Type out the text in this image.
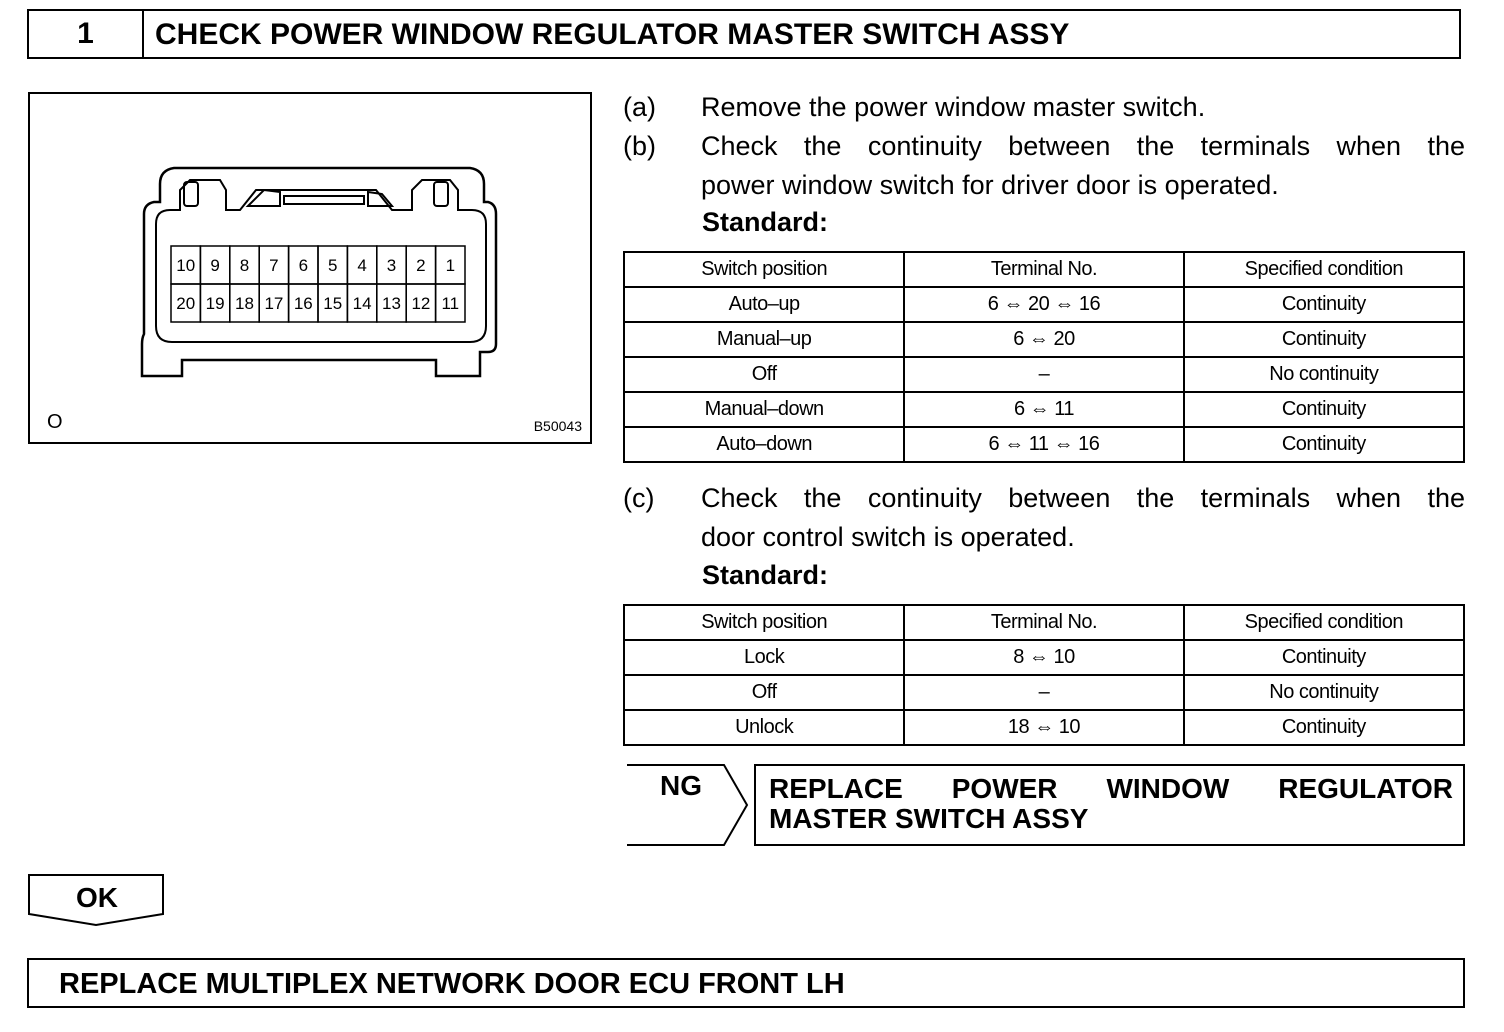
1	CHECK POWER WINDOW REGULATOR MASTER SWITCH ASSY
10 9 8 7 6 5 4 3 2 1
20 19 18 17 16 15 14 13 12 11
O	B50043
(a)	Remove the power window master switch.
(b)	Check the continuity between the terminals when the
power window switch for driver door is operated.
Standard:
Switch position	Terminal No.	Specified condition
Auto–up	6 ⇔ 20 ⇔ 16	Continuity
Manual–up	6 ⇔ 20	Continuity
Off	–	No continuity
Manual–down	6 ⇔ 11	Continuity
Auto–down	6 ⇔ 11 ⇔ 16	Continuity
(c)	Check the continuity between the terminals when the
door control switch is operated.
Standard:
Switch position	Terminal No.	Specified condition
Lock	8 ⇔ 10	Continuity
Off	–	No continuity
Unlock	18 ⇔ 10	Continuity
NG	REPLACE POWER WINDOW REGULATOR
MASTER SWITCH ASSY
OK
REPLACE MULTIPLEX NETWORK DOOR ECU FRONT LH
